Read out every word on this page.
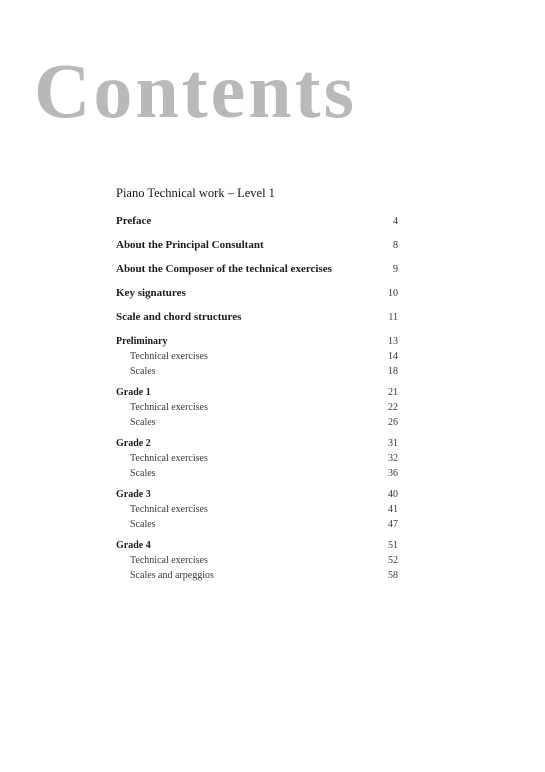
Contents
Piano Technical work – Level 1
Preface	4
About the Principal Consultant	8
About the Composer of the technical exercises	9
Key signatures	10
Scale and chord structures	11
Preliminary	13
Technical exercises	14
Scales	18
Grade 1	21
Technical exercises	22
Scales	26
Grade 2	31
Technical exercises	32
Scales	36
Grade 3	40
Technical exercises	41
Scales	47
Grade 4	51
Technical exercises	52
Scales and arpeggios	58
